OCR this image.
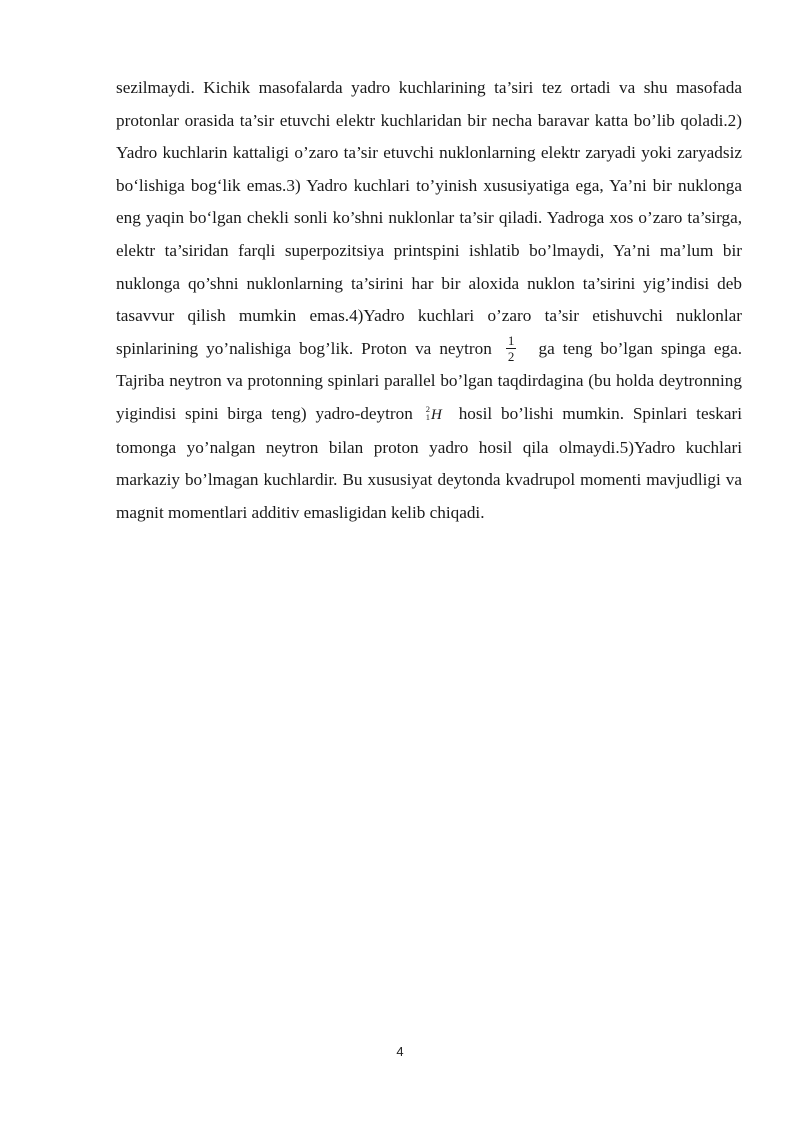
sezilmaydi. Kichik masofalarda yadro kuchlarining ta’siri tez ortadi va shu masofada protonlar orasida ta’sir etuvchi elektr kuchlaridan bir necha baravar katta bo’lib qoladi.2) Yadro kuchlarin kattaligi o’zaro ta’sir etuvchi nuklonlarning elektr zaryadi yoki zaryadsiz bo‘lishiga bog‘lik emas.3) Yadro kuchlari to’yinish xususiyatiga ega, Ya’ni bir nuklonga eng yaqin bo‘lgan chekli sonli ko’shni nuklonlar ta’sir qiladi. Yadroga xos o’zaro ta’sirga, elektr ta’siridan farqli superpozitsiya printspini ishlatib bo’lmaydi, Ya’ni ma’lum bir nuklonga qo’shni nuklonlarning ta’sirini har bir aloxida nuklon ta’sirini yig’indisi deb tasavvur qilish mumkin emas.4)Yadro kuchlari o’zaro ta’sir etishuvchi nuklonlar spinlarining yo’nalishiga bog’lik. Proton va neytron $\frac{1}{2}$ ga teng bo’lgan spinga ega. Tajriba neytron va protonning spinlari parallel bo’lgan taqdirdagina (bu holda deytronning yigindisi spini birga teng) yadro-deytron 2
1 H hosil bo’lishi mumkin. Spinlari teskari tomonga yo’nalgan neytron bilan proton yadro hosil qila olmaydi.5)Yadro kuchlari markaziy bo’lmagan kuchlardir. Bu xususiyat deytonda kvadrupol momenti mavjudligi va magnit momentlari additiv emasligidan kelib chiqadi.
4
